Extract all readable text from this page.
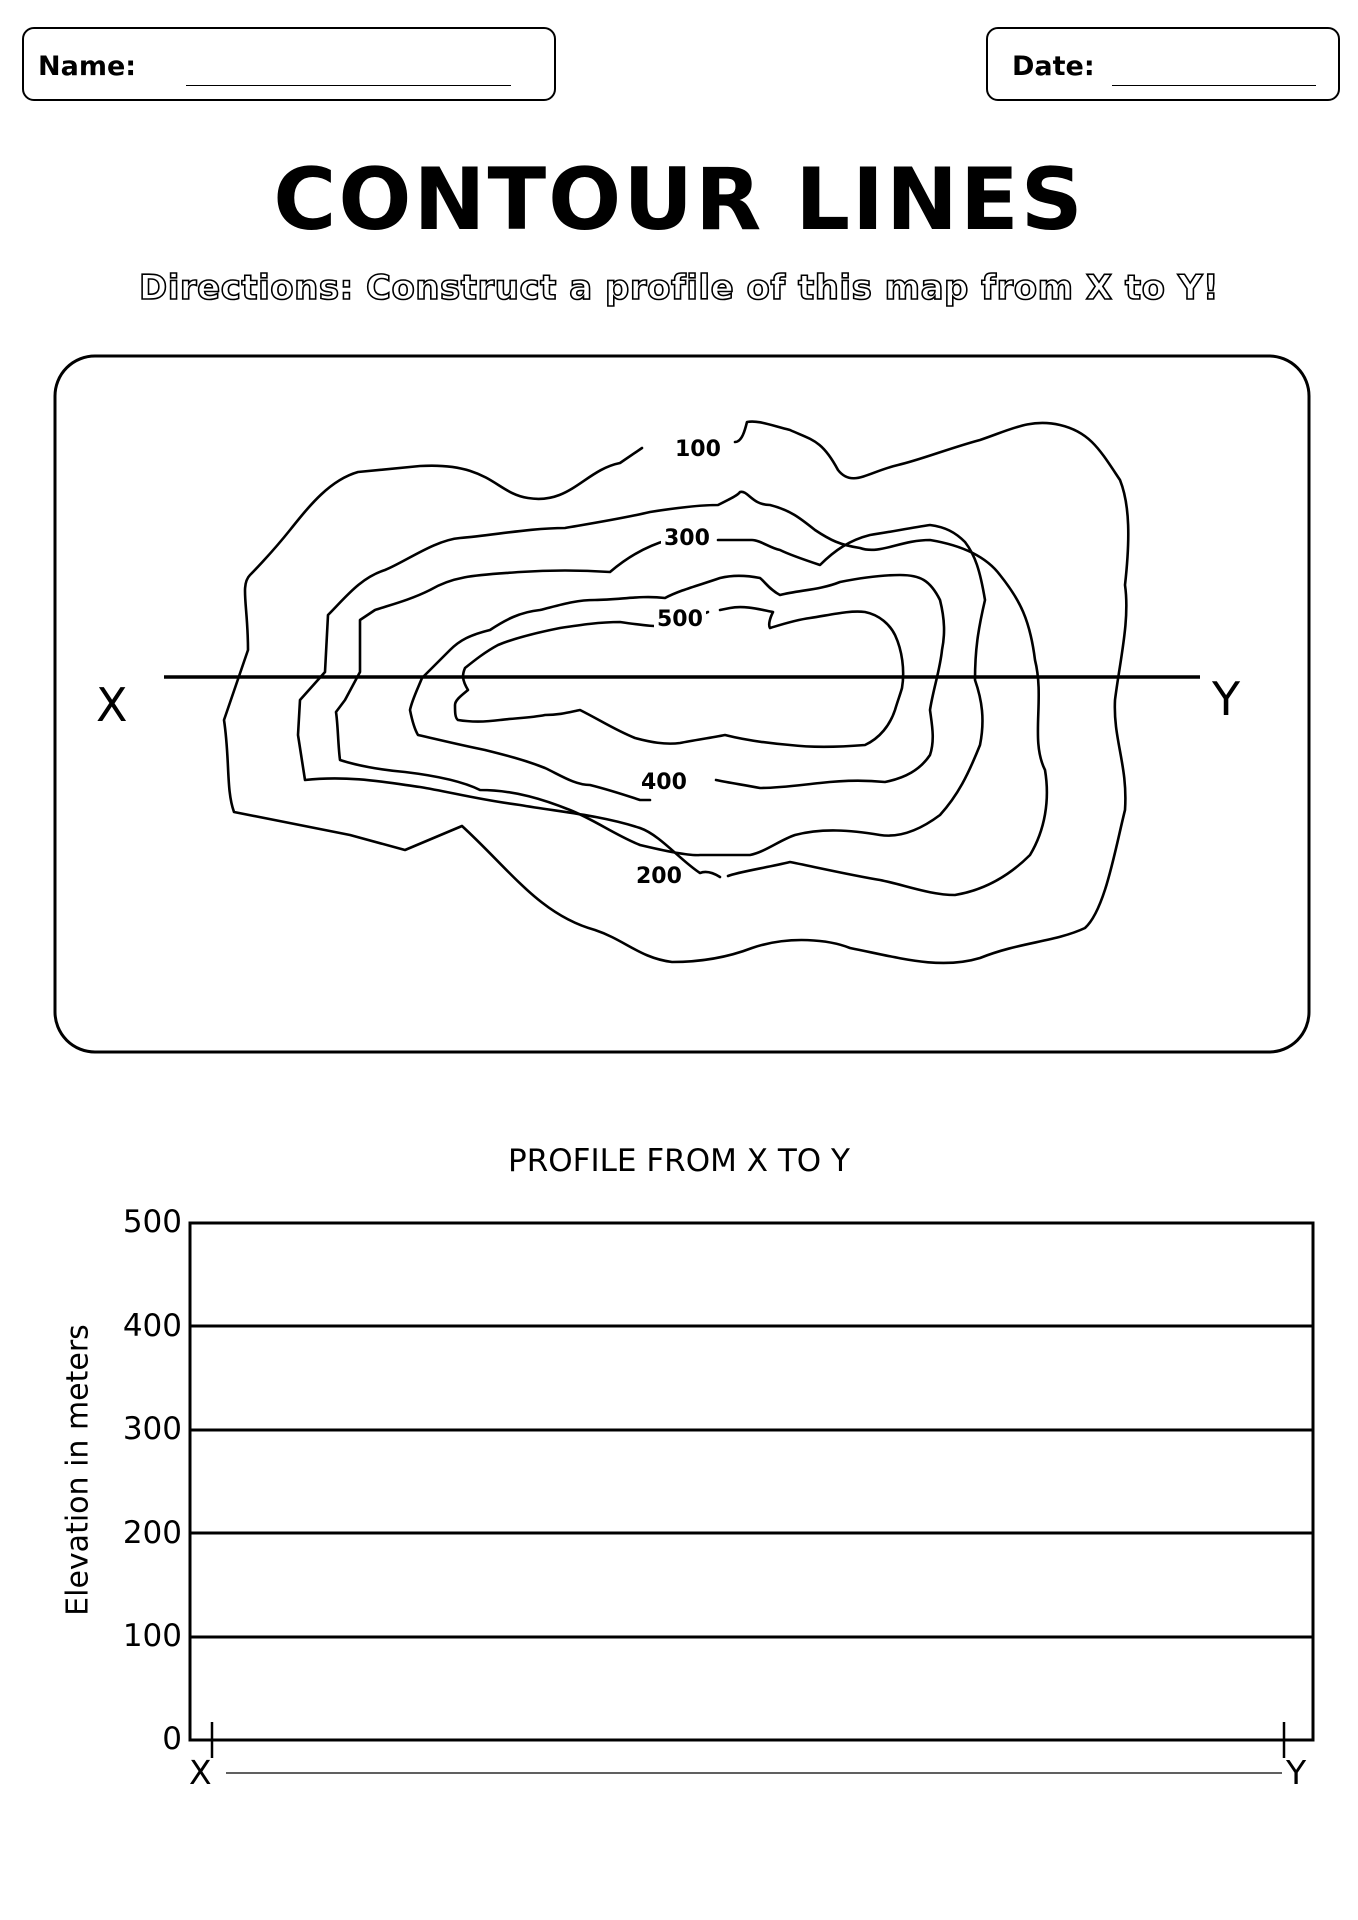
Name:	Date:
CONTOUR LINES

Directions: Construct a profile of this map from X to Y!

X	Y
100
300
500
400
200
PROFILE FROM X TO Y
500
400
300
200
100
0
Elevation in meters
X	Y
